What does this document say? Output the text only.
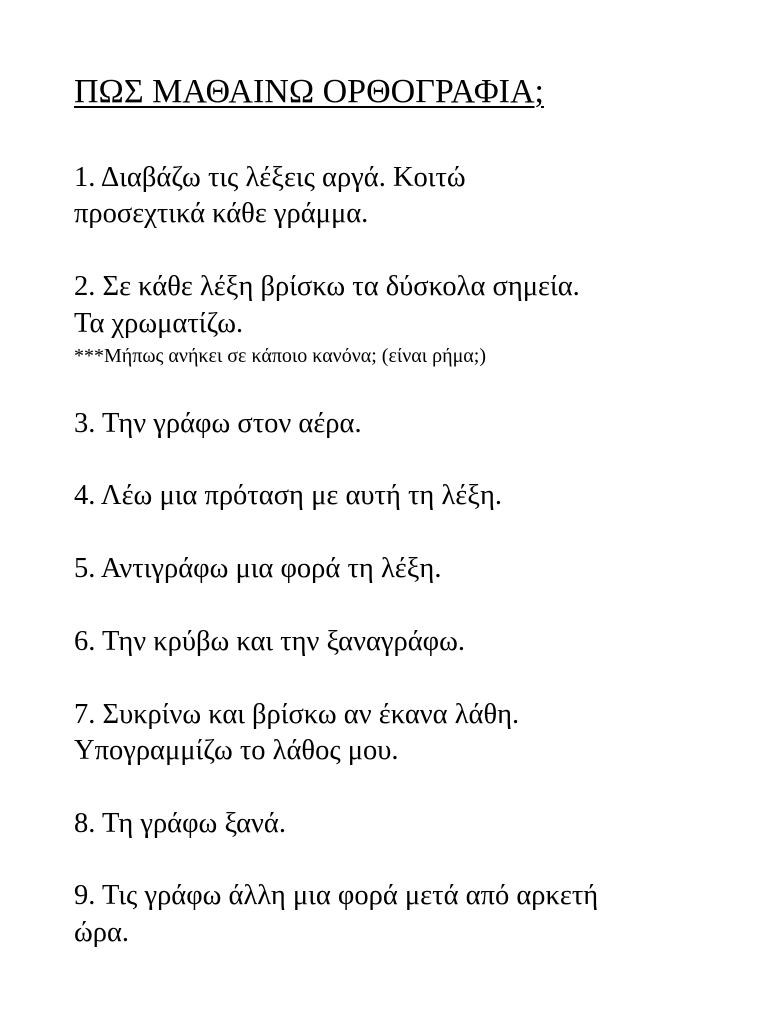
ΠΩΣ ΜΑΘΑΙΝΩ ΟΡΘΟΓΡΑΦΙΑ;
1. Διαβάζω τις λέξεις αργά. Κοιτώ
προσεχτικά κάθε γράμμα.
2. Σε κάθε λέξη βρίσκω τα δύσκολα σημεία.
Τα χρωματίζω.
***Μήπως ανήκει σε κάποιο κανόνα; (είναι ρήμα;)
3. Την γράφω στον αέρα.
4. Λέω μια πρόταση με αυτή τη λέξη.
5. Αντιγράφω μια φορά τη λέξη.
6. Την κρύβω και την ξαναγράφω.
7. Συκρίνω και βρίσκω αν έκανα λάθη.
Υπογραμμίζω το λάθος μου.
8. Τη γράφω ξανά.
9. Τις γράφω άλλη μια φορά μετά από αρκετή
ώρα.
